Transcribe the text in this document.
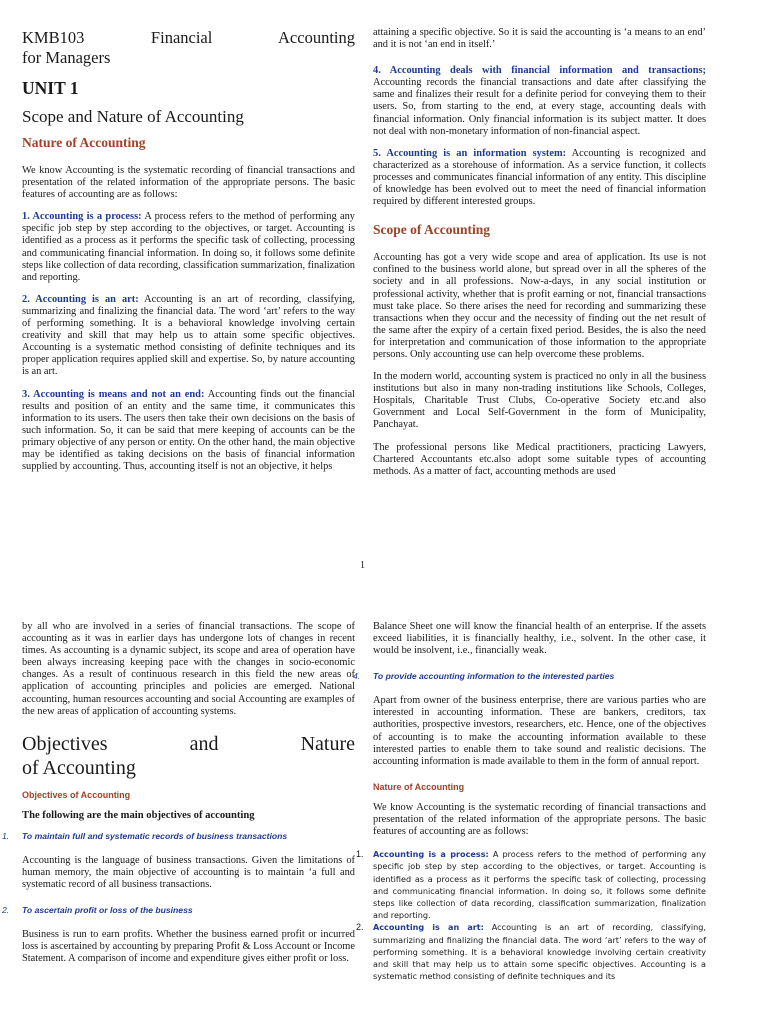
KMB103 Financial Accounting
for Managers
UNIT 1
Scope and Nature of Accounting
Nature of Accounting

We know Accounting is the systematic recording of financial transactions and presentation of the related information of the appropriate persons. The basic features of accounting are as follows:

1. Accounting is a process: A process refers to the method of performing any specific job step by step according to the objectives, or target. Accounting is identified as a process as it performs the specific task of collecting, processing and communicating financial information. In doing so, it follows some definite steps like collection of data recording, classification summarization, finalization and reporting.

2. Accounting is an art: Accounting is an art of recording, classifying, summarizing and finalizing the financial data. The word ‘art’ refers to the way of performing something. It is a behavioral knowledge involving certain creativity and skill that may help us to attain some specific objectives. Accounting is a systematic method consisting of definite techniques and its proper application requires applied skill and expertise. So, by nature accounting is an art.

3. Accounting is means and not an end: Accounting finds out the financial results and position of an entity and the same time, it communicates this information to its users. The users then take their own decisions on the basis of such information. So, it can be said that mere keeping of accounts can be the primary objective of any person or entity. On the other hand, the main objective may be identified as taking decisions on the basis of financial information supplied by accounting. Thus, accounting itself is not an objective, it helps

attaining a specific objective. So it is said the accounting is ‘a means to an end’ and it is not ‘an end in itself.’

4. Accounting deals with financial information and transactions; Accounting records the financial transactions and date after classifying the same and finalizes their result for a definite period for conveying them to their users. So, from starting to the end, at every stage, accounting deals with financial information. Only financial information is its subject matter. It does not deal with non-monetary information of non-financial aspect.

5. Accounting is an information system: Accounting is recognized and characterized as a storehouse of information. As a service function, it collects processes and communicates financial information of any entity. This discipline of knowledge has been evolved out to meet the need of financial information required by different interested groups.

Scope of Accounting

Accounting has got a very wide scope and area of application. Its use is not confined to the business world alone, but spread over in all the spheres of the society and in all professions. Now-a-days, in any social institution or professional activity, whether that is profit earning or not, financial transactions must take place. So there arises the need for recording and summarizing these transactions when they occur and the necessity of finding out the net result of the same after the expiry of a certain fixed period. Besides, the is also the need for interpretation and communication of those information to the appropriate persons. Only accounting use can help overcome these problems.

In the modern world, accounting system is practiced no only in all the business institutions but also in many non-trading institutions like Schools, Colleges, Hospitals, Charitable Trust Clubs, Co-operative Society etc.and also Government and Local Self-Government in the form of Municipality, Panchayat.

The professional persons like Medical practitioners, practicing Lawyers, Chartered Accountants etc.also adopt some suitable types of accounting methods. As a matter of fact, accounting methods are used

1

by all who are involved in a series of financial transactions. The scope of accounting as it was in earlier days has undergone lots of changes in recent times. As accounting is a dynamic subject, its scope and area of operation have been always increasing keeping pace with the changes in socio-economic changes. As a result of continuous research in this field the new areas of application of accounting principles and policies are emerged. National accounting, human resources accounting and social Accounting are examples of the new areas of application of accounting systems.

Objectives and Nature
of Accounting
Objectives of Accounting
The following are the main objectives of accounting
1. To maintain full and systematic records of business transactions

Accounting is the language of business transactions. Given the limitations of human memory, the main objective of accounting is to maintain ‘a full and systematic record of all business transactions.

2. To ascertain profit or loss of the business

Business is run to earn profits. Whether the business earned profit or incurred loss is ascertained by accounting by preparing Profit & Loss Account or Income Statement. A comparison of income and expenditure gives either profit or loss.

Balance Sheet one will know the financial health of an enterprise. If the assets exceed liabilities, it is financially healthy, i.e., solvent. In the other case, it would be insolvent, i.e., financially weak.

4. To provide accounting information to the interested parties

Apart from owner of the business enterprise, there are various parties who are interested in accounting information. These are bankers, creditors, tax authorities, prospective investors, researchers, etc. Hence, one of the objectives of accounting is to make the accounting information available to these interested parties to enable them to take sound and realistic decisions. The accounting information is made available to them in the form of annual report.

Nature of Accounting

We know Accounting is the systematic recording of financial transactions and presentation of the related information of the appropriate persons. The basic features of accounting are as follows:

1. Accounting is a process: A process refers to the method of performing any specific job step by step according to the objectives, or target. Accounting is identified as a process as it performs the specific task of collecting, processing and communicating financial information. In doing so, it follows some definite steps like collection of data recording, classification summarization, finalization and reporting.
2. Accounting is an art: Accounting is an art of recording, classifying, summarizing and finalizing the financial data. The word ‘art’ refers to the way of performing something. It is a behavioral knowledge involving certain creativity and skill that may help us to attain some specific objectives. Accounting is a systematic method consisting of definite techniques and its
